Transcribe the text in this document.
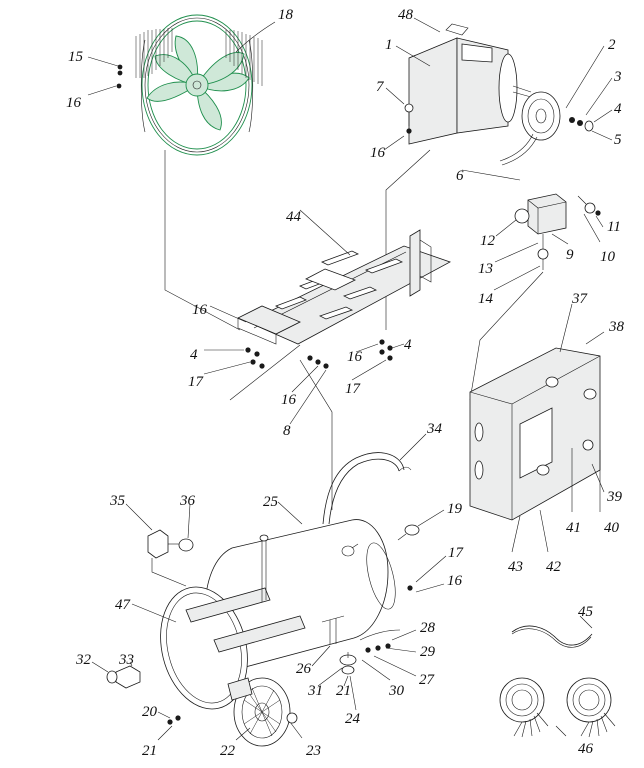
18	48
1
15
2
3
16
7
4
5
16
6
11
44
12
9 10
13
14	37
16
38
4	16
4
17	17
16
8	34
39
19
35	36	25
41 40
43 42
17
16
47	45
28
29
32 33
26
27
31 21
24
30
20
46
21	22	23
